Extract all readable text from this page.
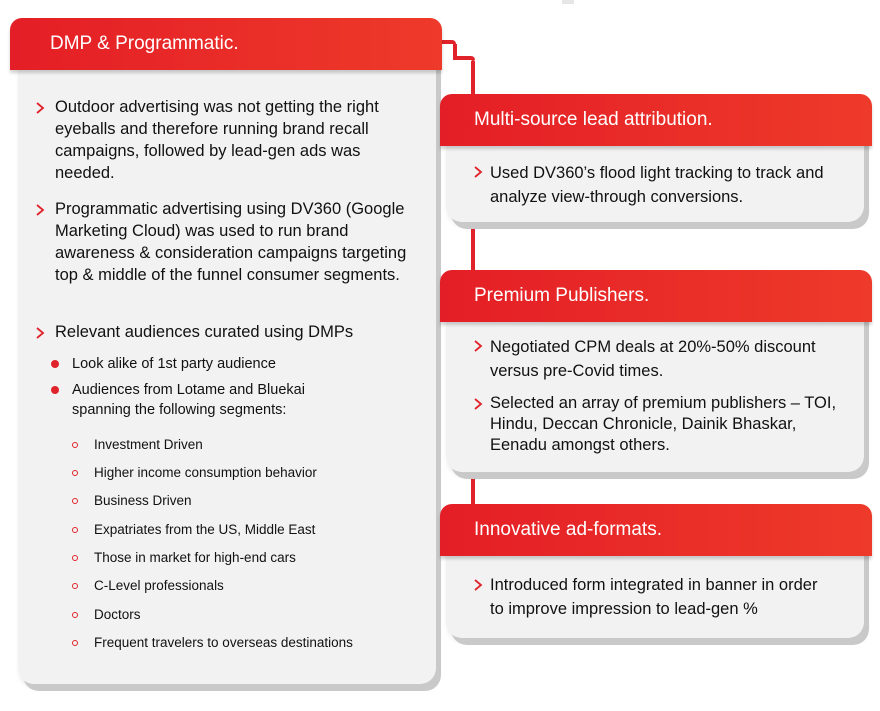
DMP & Programmatic.
Outdoor advertising was not getting the right eyeballs and therefore running brand recall campaigns, followed by lead-gen ads was needed.
Programmatic advertising using DV360 (Google Marketing Cloud) was used to run brand awareness & consideration campaigns targeting top & middle of the funnel consumer segments.
Relevant audiences curated using DMPs
Look alike of 1st party audience
Audiences from Lotame and Bluekai spanning the following segments:
Investment Driven
Higher income consumption behavior
Business Driven
Expatriates from the US, Middle East
Those in market for high-end cars
C-Level professionals
Doctors
Frequent travelers to overseas destinations
Multi-source lead attribution.
Used DV360’s flood light tracking to track and analyze view-through conversions.
Premium Publishers.
Negotiated CPM deals at 20%-50% discount versus pre-Covid times.
Selected an array of premium publishers – TOI, Hindu, Deccan Chronicle, Dainik Bhaskar, Eenadu amongst others.
Innovative ad-formats.
Introduced form integrated in banner in order to improve impression to lead-gen %
